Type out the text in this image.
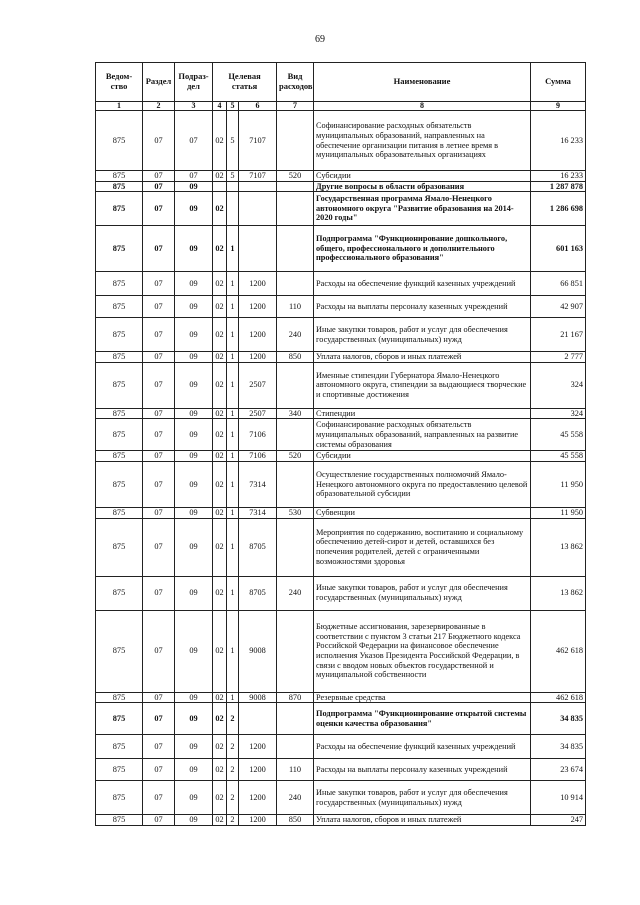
69
Ведом-ство	Раздел	Подраз-дел	Целевая статья			Вид расходов	Наименование	Сумма
1	2	3	4	5	6	7	8	9
875	07	07	02	5	7107		Софинансирование расходных обязательств муниципальных образований, направленных на обеспечение организации питания в летнее время в муниципальных образовательных организациях	16 233
875	07	07	02	5	7107	520	Субсидии	16 233
875	07	09					Другие вопросы в области образования	1 287 878
875	07	09	02				Государственная программа Ямало-Ненецкого автономного округа "Развитие образования на 2014-2020 годы"	1 286 698
875	07	09	02	1			Подпрограмма "Функционирование дошкольного, общего, профессионального и дополнительного профессионального образования"	601 163
875	07	09	02	1	1200		Расходы на обеспечение функций казенных учреждений	66 851
875	07	09	02	1	1200	110	Расходы на выплаты персоналу казенных учреждений	42 907
875	07	09	02	1	1200	240	Иные закупки товаров, работ и услуг для обеспечения государственных (муниципальных) нужд	21 167
875	07	09	02	1	1200	850	Уплата налогов, сборов и иных платежей	2 777
875	07	09	02	1	2507		Именные стипендии Губернатора Ямало-Ненецкого автономного округа, стипендии за выдающиеся творческие и спортивные достижения	324
875	07	09	02	1	2507	340	Стипендии	324
875	07	09	02	1	7106		Софинансирование расходных обязательств муниципальных образований, направленных на развитие системы образования	45 558
875	07	09	02	1	7106	520	Субсидии	45 558
875	07	09	02	1	7314		Осуществление государственных полномочий Ямало-Ненецкого автономного округа по предоставлению целевой образовательной субсидии	11 950
875	07	09	02	1	7314	530	Субвенции	11 950
875	07	09	02	1	8705		Мероприятия по содержанию, воспитанию и социальному обеспечению детей-сирот и детей, оставшихся без попечения родителей, детей с ограниченными возможностями здоровья	13 862
875	07	09	02	1	8705	240	Иные закупки товаров, работ и услуг для обеспечения государственных (муниципальных) нужд	13 862
875	07	09	02	1	9008		Бюджетные ассигнования, зарезервированные в соответствии с пунктом 3 статьи 217 Бюджетного кодекса Российской Федерации на финансовое обеспечение исполнения Указов Президента Российской Федерации, в связи с вводом новых объектов государственной и муниципальной собственности	462 618
875	07	09	02	1	9008	870	Резервные средства	462 618
875	07	09	02	2			Подпрограмма "Функционирование открытой системы оценки качества образования"	34 835
875	07	09	02	2	1200		Расходы на обеспечение функций казенных учреждений	34 835
875	07	09	02	2	1200	110	Расходы на выплаты персоналу казенных учреждений	23 674
875	07	09	02	2	1200	240	Иные закупки товаров, работ и услуг для обеспечения государственных (муниципальных) нужд	10 914
875	07	09	02	2	1200	850	Уплата налогов, сборов и иных платежей	247
